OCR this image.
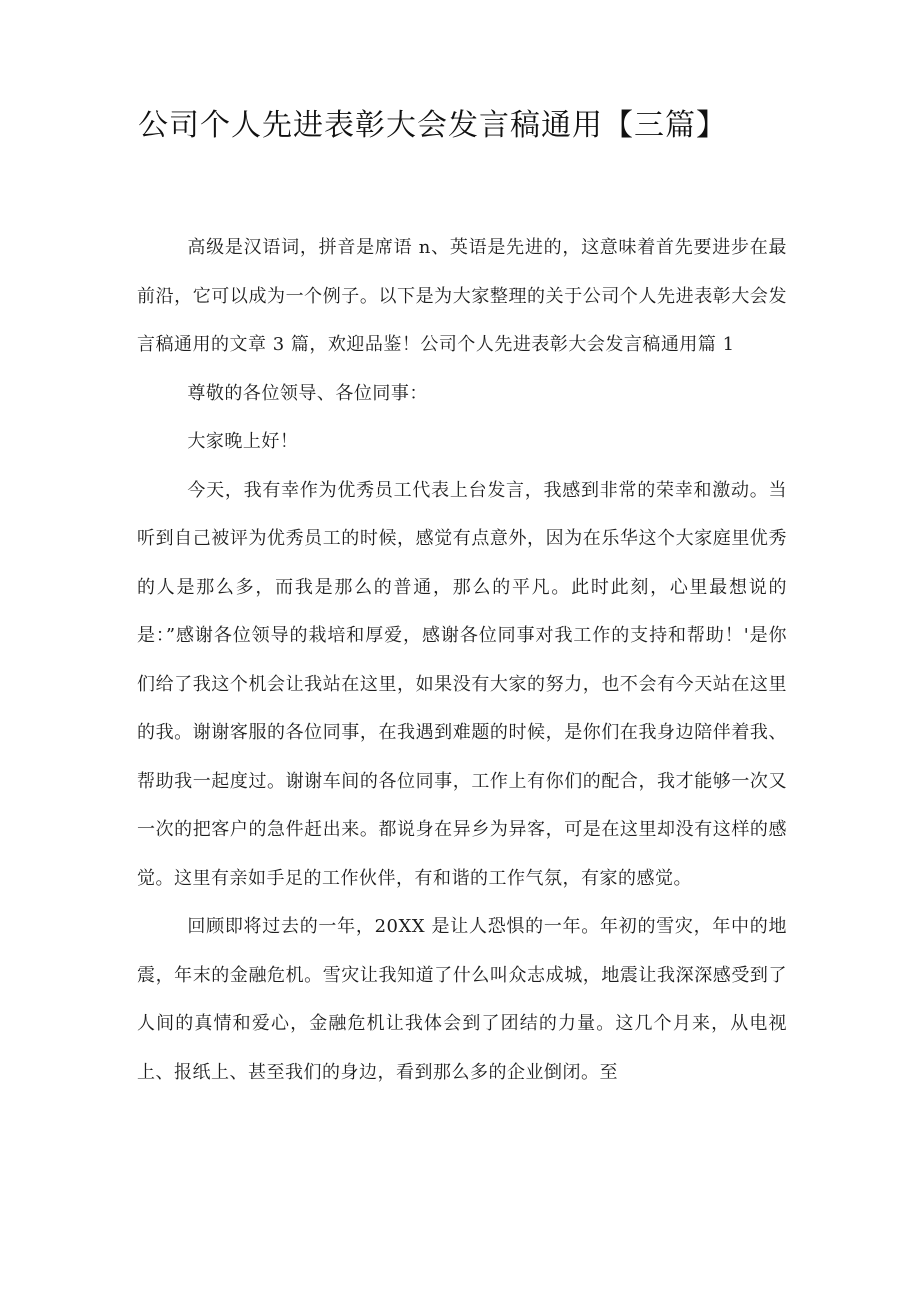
公司个人先进表彰大会发言稿通用【三篇】

高级是汉语词，拼音是席语 n、英语是先进的，这意味着首先要进步在最前沿，它可以成为一个例子。以下是为大家整理的关于公司个人先进表彰大会发言稿通用的文章 3 篇，欢迎品鉴！公司个人先进表彰大会发言稿通用篇 1

尊敬的各位领导、各位同事：

大家晚上好！

今天，我有幸作为优秀员工代表上台发言，我感到非常的荣幸和激动。当听到自己被评为优秀员工的时候，感觉有点意外，因为在乐华这个大家庭里优秀的人是那么多，而我是那么的普通，那么的平凡。此时此刻，心里最想说的是：”感谢各位领导的栽培和厚爱，感谢各位同事对我工作的支持和帮助！'是你们给了我这个机会让我站在这里，如果没有大家的努力，也不会有今天站在这里的我。谢谢客服的各位同事，在我遇到难题的时候，是你们在我身边陪伴着我、帮助我一起度过。谢谢车间的各位同事，工作上有你们的配合，我才能够一次又一次的把客户的急件赶出来。都说身在异乡为异客，可是在这里却没有这样的感觉。这里有亲如手足的工作伙伴，有和谐的工作气氛，有家的感觉。

回顾即将过去的一年，20XX 是让人恐惧的一年。年初的雪灾，年中的地震，年末的金融危机。雪灾让我知道了什么叫众志成城，地震让我深深感受到了人间的真情和爱心，金融危机让我体会到了团结的力量。这几个月来，从电视上、报纸上、甚至我们的身边，看到那么多的企业倒闭。至
